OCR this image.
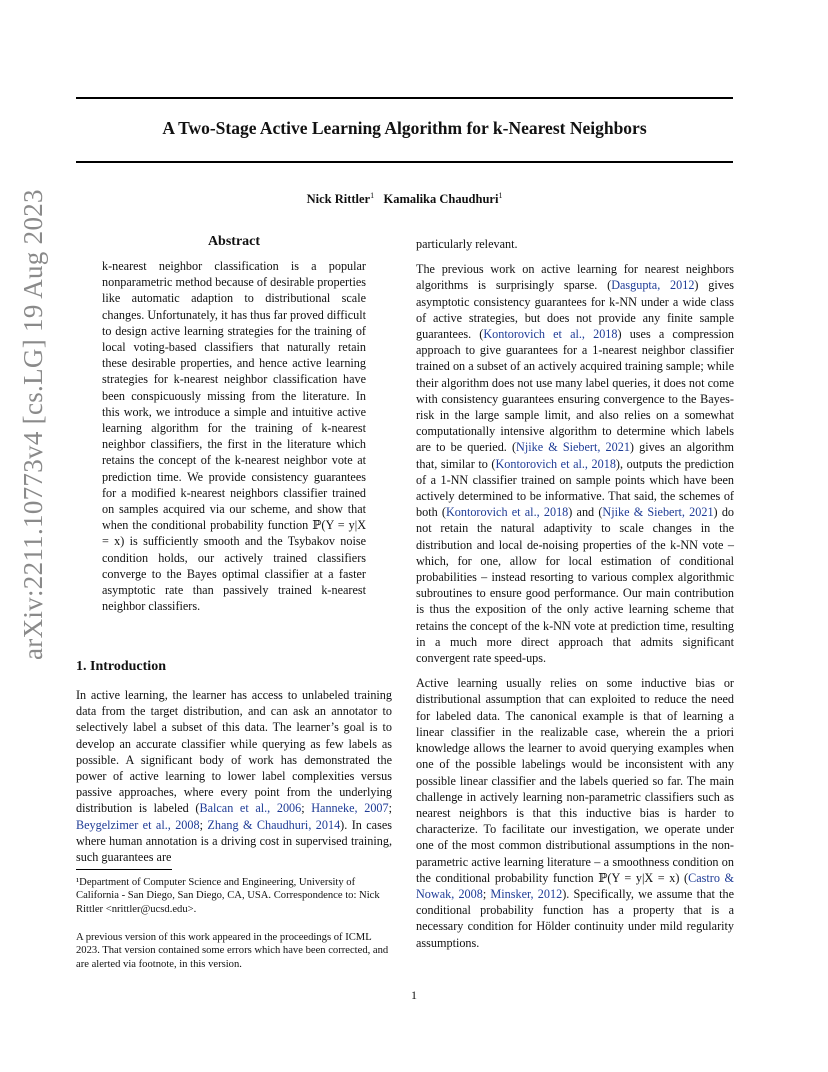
A Two-Stage Active Learning Algorithm for k-Nearest Neighbors
Nick Rittler$^1$ Kamalika Chaudhuri$^1$
arXiv:2211.10773v4 [cs.LG] 19 Aug 2023	Abstract

k-nearest neighbor classification is a popular nonparametric method because of desirable properties like automatic adaption to distributional scale changes. Unfortunately, it has thus far proved difficult to design active learning strategies for the training of local voting-based classifiers that naturally retain these desirable properties, and hence active learning strategies for k-nearest neighbor classification have been conspicuously missing from the literature. In this work, we introduce a simple and intuitive active learning algorithm for the training of k-nearest neighbor classifiers, the first in the literature which retains the concept of the k-nearest neighbor vote at prediction time. We provide consistency guarantees for a modified k-nearest neighbors classifier trained on samples acquired via our scheme, and show that when the conditional probability function ℙ(Y = y|X = x) is sufficiently smooth and the Tsybakov noise condition holds, our actively trained classifiers converge to the Bayes optimal classifier at a faster asymptotic rate than passively trained k-nearest neighbor classifiers.

1. Introduction

In active learning, the learner has access to unlabeled training data from the target distribution, and can ask an annotator to selectively label a subset of this data. The learner’s goal is to develop an accurate classifier while querying as few labels as possible. A significant body of work has demonstrated the power of active learning to lower label complexities versus passive approaches, where every point from the underlying distribution is labeled (Balcan et al., 2006; Hanneke, 2007; Beygelzimer et al., 2008; Zhang & Chaudhuri, 2014). In cases where human annotation is a driving cost in supervised training, such guarantees are

¹Department of Computer Science and Engineering, University of California - San Diego, San Diego, CA, USA. Correspondence to: Nick Rittler <nrittler@ucsd.edu>.

A previous version of this work appeared in the proceedings of ICML 2023. That version contained some errors which have been corrected, and are alerted via footnote, in this version.

particularly relevant.

The previous work on active learning for nearest neighbors algorithms is surprisingly sparse. (Dasgupta, 2012) gives asymptotic consistency guarantees for k-NN under a wide class of active strategies, but does not provide any finite sample guarantees. (Kontorovich et al., 2018) uses a compression approach to give guarantees for a 1-nearest neighbor classifier trained on a subset of an actively acquired training sample; while their algorithm does not use many label queries, it does not come with consistency guarantees ensuring convergence to the Bayes-risk in the large sample limit, and also relies on a somewhat computationally intensive algorithm to determine which labels are to be queried. (Njike & Siebert, 2021) gives an algorithm that, similar to (Kontorovich et al., 2018), outputs the prediction of a 1-NN classifier trained on sample points which have been actively determined to be informative. That said, the schemes of both (Kontorovich et al., 2018) and (Njike & Siebert, 2021) do not retain the natural adaptivity to scale changes in the distribution and local de-noising properties of the k-NN vote – which, for one, allow for local estimation of conditional probabilities – instead resorting to various complex algorithmic subroutines to ensure good performance. Our main contribution is thus the exposition of the only active learning scheme that retains the concept of the k-NN vote at prediction time, resulting in a much more direct approach that admits significant convergent rate speed-ups.

Active learning usually relies on some inductive bias or distributional assumption that can exploited to reduce the need for labeled data. The canonical example is that of learning a linear classifier in the realizable case, wherein the a priori knowledge allows the learner to avoid querying examples when one of the possible labelings would be inconsistent with any possible linear classifier and the labels queried so far. The main challenge in actively learning non-parametric classifiers such as nearest neighbors is that this inductive bias is harder to characterize. To facilitate our investigation, we operate under one of the most common distributional assumptions in the non-parametric active learning literature – a smoothness condition on the conditional probability function ℙ(Y = y|X = x) (Castro & Nowak, 2008; Minsker, 2012). Specifically, we assume that the conditional probability function has a property that is a necessary condition for Hölder continuity under mild regularity assumptions.

1
